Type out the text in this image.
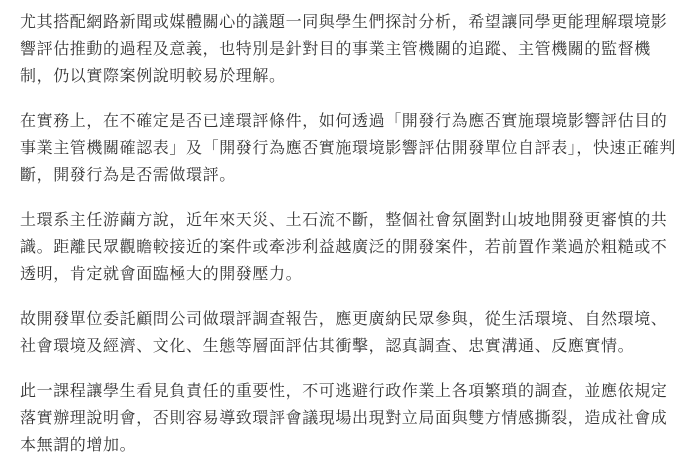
尤其搭配網路新聞或媒體關心的議題一同與學生們探討分析，希望讓同學更能理解環境影響評估推動的過程及意義，也特別是針對目的事業主管機關的追蹤、主管機關的監督機制，仍以實際案例說明較易於理解。

在實務上，在不確定是否已達環評條件，如何透過「開發行為應否實施環境影響評估目的事業主管機關確認表」及「開發行為應否實施環境影響評估開發單位自評表」，快速正確判斷，開發行為是否需做環評。

土環系主任游繭方說，近年來天災、土石流不斷，整個社會氛圍對山坡地開發更審慎的共識。距離民眾觀瞻較接近的案件或牽涉利益越廣泛的開發案件，若前置作業過於粗糙或不透明，肯定就會面臨極大的開發壓力。

故開發單位委託顧問公司做環評調查報告，應更廣納民眾參與，從生活環境、自然環境、社會環境及經濟、文化、生態等層面評估其衝擊，認真調查、忠實溝通、反應實情。

此一課程讓學生看見負責任的重要性，不可逃避行政作業上各項繁瑣的調查，並應依規定落實辦理說明會，否則容易導致環評會議現場出現對立局面與雙方情感撕裂，造成社會成本無謂的增加。
